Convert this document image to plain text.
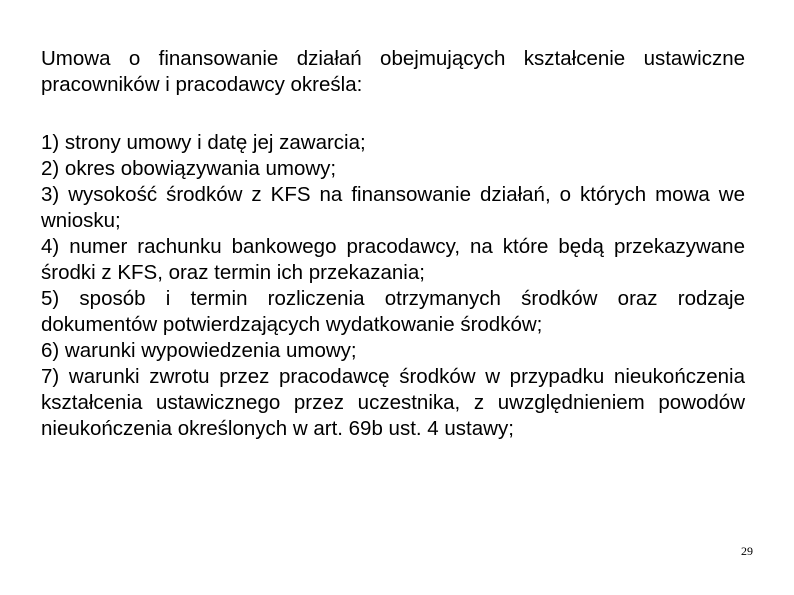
Umowa o finansowanie działań obejmujących kształcenie ustawiczne pracowników i pracodawcy określa:

1) strony umowy i datę jej zawarcia;
2) okres obowiązywania umowy;
3) wysokość środków z KFS na finansowanie działań, o których mowa we wniosku;
4) numer rachunku bankowego pracodawcy, na które będą przekazywane środki z KFS, oraz termin ich przekazania;
5) sposób i termin rozliczenia otrzymanych środków oraz rodzaje dokumentów potwierdzających wydatkowanie środków;
6) warunki wypowiedzenia umowy;
7) warunki zwrotu przez pracodawcę środków w przypadku nieukończenia kształcenia ustawicznego przez uczestnika, z uwzględnieniem powodów nieukończenia określonych w art. 69b ust. 4 ustawy;
29
